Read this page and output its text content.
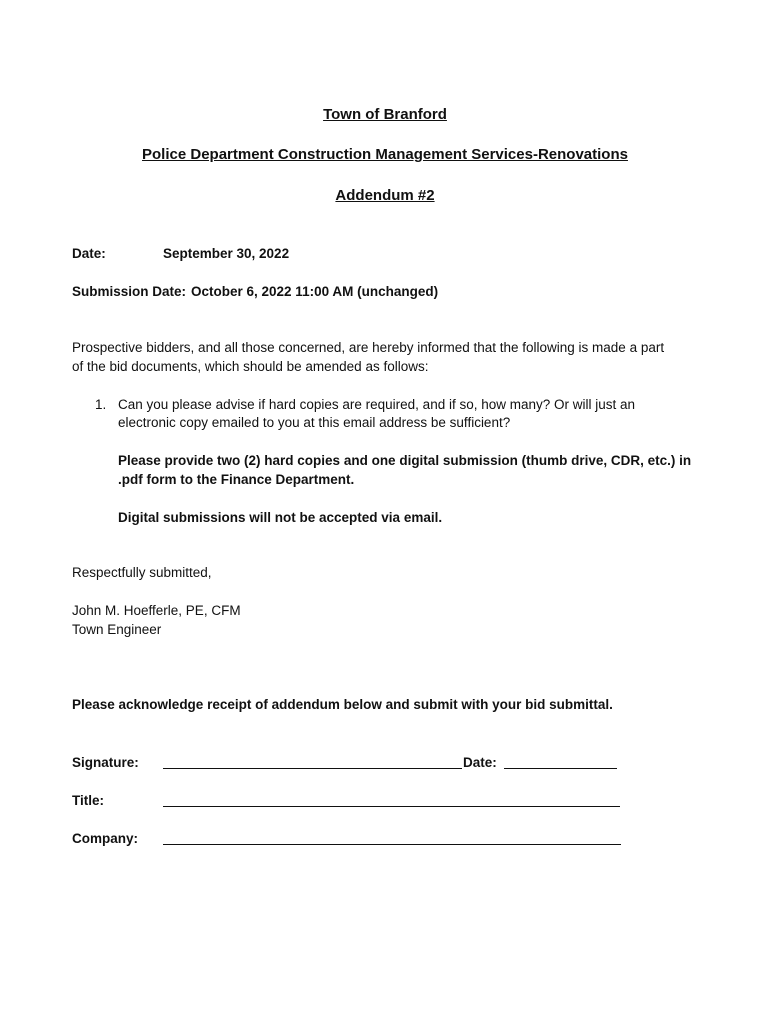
Town of Branford
Police Department Construction Management Services-Renovations
Addendum #2
Date:	September 30, 2022
Submission Date: October 6, 2022 11:00 AM (unchanged)
Prospective bidders, and all those concerned, are hereby informed that the following is made a part
of the bid documents, which should be amended as follows:
1. Can you please advise if hard copies are required, and if so, how many? Or will just an
electronic copy emailed to you at this email address be sufficient?
Please provide two (2) hard copies and one digital submission (thumb drive, CDR, etc.) in
.pdf form to the Finance Department.
Digital submissions will not be accepted via email.
Respectfully submitted,
John M. Hoefferle, PE, CFM
Town Engineer
Please acknowledge receipt of addendum below and submit with your bid submittal.
Signature:	Date:
Title:
Company:
